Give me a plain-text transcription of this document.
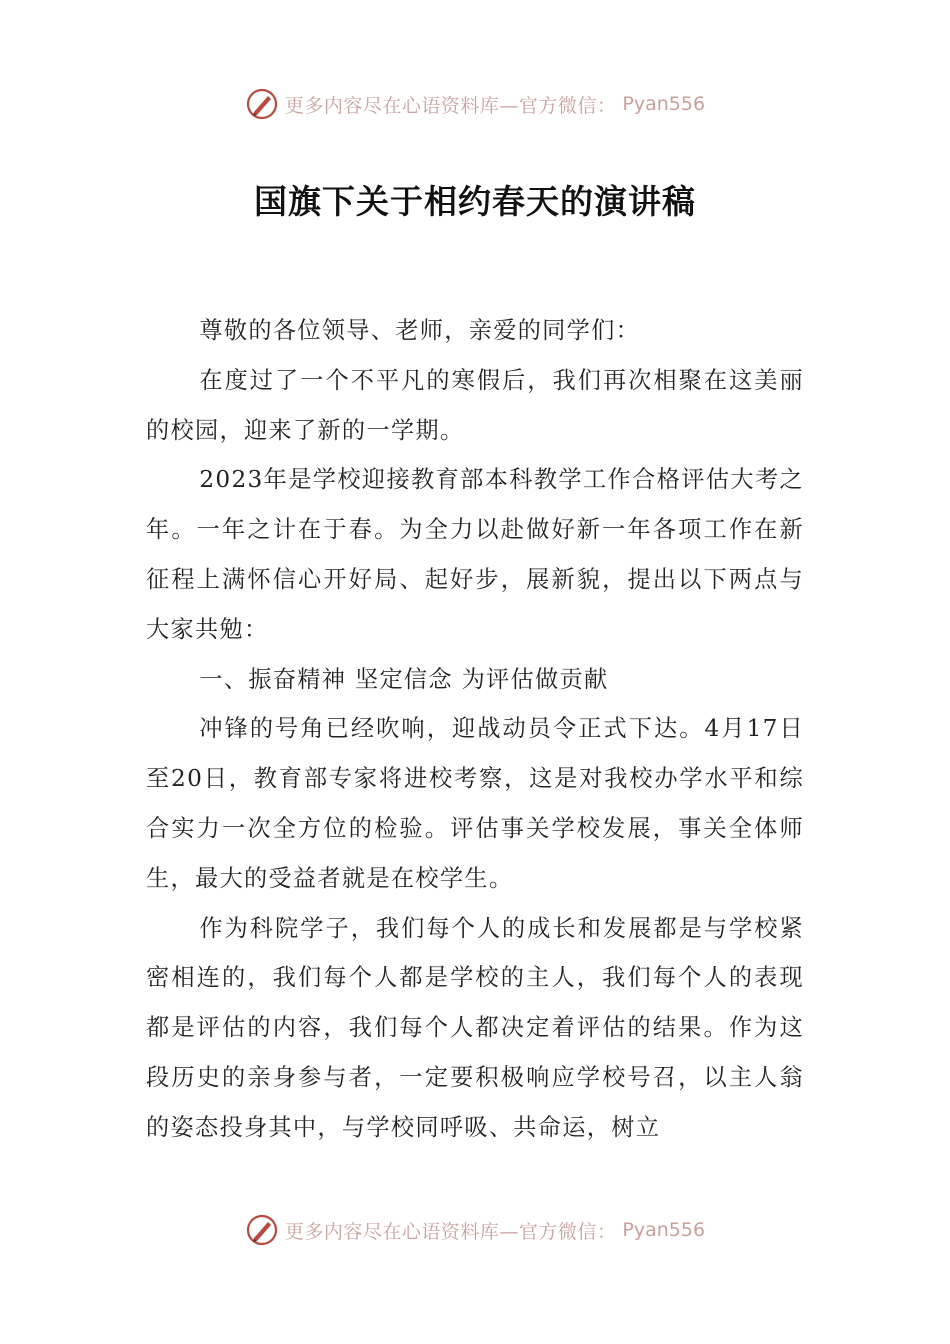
更多内容尽在心语资料库—官方微信： Pyan556
国旗下关于相约春天的演讲稿

尊敬的各位领导、老师，亲爱的同学们：

在度过了一个不平凡的寒假后，我们再次相聚在这美丽的校园，迎来了新的一学期。

2023年是学校迎接教育部本科教学工作合格评估大考之年。一年之计在于春。为全力以赴做好新一年各项工作在新征程上满怀信心开好局、起好步，展新貌，提出以下两点与大家共勉：

一、振奋精神 坚定信念 为评估做贡献

冲锋的号角已经吹响，迎战动员令正式下达。4月17日至20日，教育部专家将进校考察，这是对我校办学水平和综合实力一次全方位的检验。评估事关学校发展，事关全体师生，最大的受益者就是在校学生。

作为科院学子，我们每个人的成长和发展都是与学校紧密相连的，我们每个人都是学校的主人，我们每个人的表现都是评估的内容，我们每个人都决定着评估的结果。作为这段历史的亲身参与者，一定要积极响应学校号召，以主人翁的姿态投身其中，与学校同呼吸、共命运，树立

更多内容尽在心语资料库—官方微信： Pyan556
